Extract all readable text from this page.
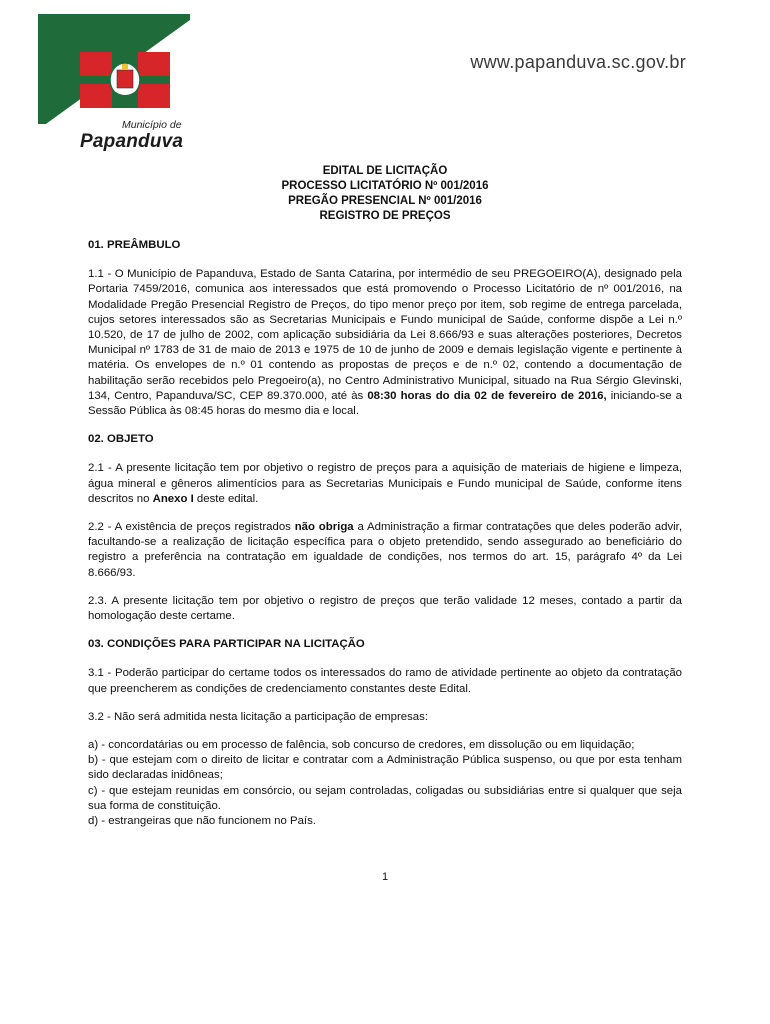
Município de
Papanduva
www.papanduva.sc.gov.br
EDITAL DE LICITAÇÃO
PROCESSO LICITATÓRIO Nº 001/2016
PREGÃO PRESENCIAL Nº 001/2016
REGISTRO DE PREÇOS
01. PREÂMBULO
1.1 - O Município de Papanduva, Estado de Santa Catarina, por intermédio de seu PREGOEIRO(A), designado pela Portaria 7459/2016, comunica aos interessados que está promovendo o Processo Licitatório de nº 001/2016, na Modalidade Pregão Presencial Registro de Preços, do tipo menor preço por item, sob regime de entrega parcelada, cujos setores interessados são as Secretarias Municipais e Fundo municipal de Saúde, conforme dispõe a Lei n.º 10.520, de 17 de julho de 2002, com aplicação subsidiária da Lei 8.666/93 e suas alterações posteriores, Decretos Municipal nº 1783 de 31 de maio de 2013 e 1975 de 10 de junho de 2009 e demais legislação vigente e pertinente à matéria. Os envelopes de n.º 01 contendo as propostas de preços e de n.º 02, contendo a documentação de habilitação serão recebidos pelo Pregoeiro(a), no Centro Administrativo Municipal, situado na Rua Sérgio Glevinski, 134, Centro, Papanduva/SC, CEP 89.370.000, até às 08:30 horas do dia 02 de fevereiro de 2016, iniciando-se a Sessão Pública às 08:45 horas do mesmo dia e local.
02. OBJETO
2.1 - A presente licitação tem por objetivo o registro de preços para a aquisição de materiais de higiene e limpeza, água mineral e gêneros alimentícios para as Secretarias Municipais e Fundo municipal de Saúde, conforme itens descritos no Anexo I deste edital.
2.2 - A existência de preços registrados não obriga a Administração a firmar contratações que deles poderão advir, facultando-se a realização de licitação específica para o objeto pretendido, sendo assegurado ao beneficiário do registro a preferência na contratação em igualdade de condições, nos termos do art. 15, parágrafo 4º da Lei 8.666/93.
2.3. A presente licitação tem por objetivo o registro de preços que terão validade 12 meses, contado a partir da homologação deste certame.
03. CONDIÇÕES PARA PARTICIPAR NA LICITAÇÃO
3.1 - Poderão participar do certame todos os interessados do ramo de atividade pertinente ao objeto da contratação que preencherem as condições de credenciamento constantes deste Edital.
3.2 - Não será admitida nesta licitação a participação de empresas:
a) - concordatárias ou em processo de falência, sob concurso de credores, em dissolução ou em liquidação;
b) - que estejam com o direito de licitar e contratar com a Administração Pública suspenso, ou que por esta tenham sido declaradas inidôneas;
c) - que estejam reunidas em consórcio, ou sejam controladas, coligadas ou subsidiárias entre si qualquer que seja sua forma de constituição.
d) - estrangeiras que não funcionem no País.
1
